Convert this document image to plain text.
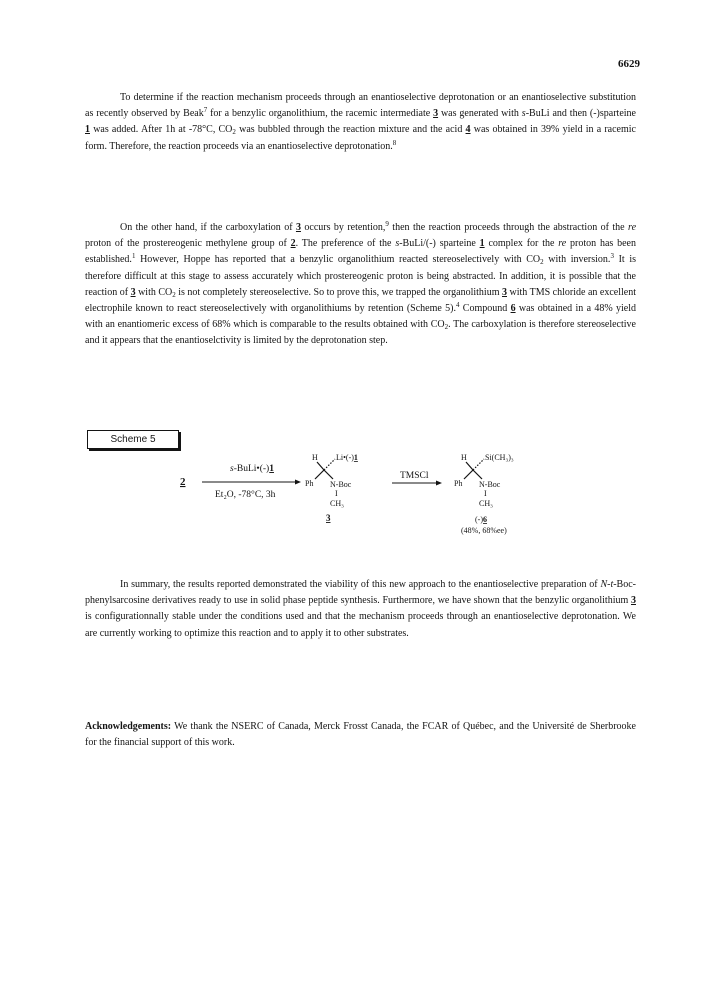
6629

To determine if the reaction mechanism proceeds through an enantioselective deprotonation or an enantioselective substitution as recently observed by Beak$^7$ for a benzylic organolithium, the racemic intermediate 3 was generated with s-BuLi and then (-)sparteine 1 was added. After 1h at -78°C, $CO_2$ was bubbled through the reaction mixture and the acid 4 was obtained in 39% yield in a racemic form. Therefore, the reaction proceeds via an enantioselective deprotonation.$^8$

On the other hand, if the carboxylation of 3 occurs by retention,$^9$ then the reaction proceeds through the abstraction of the re proton of the prostereogenic methylene group of 2. The preference of the s-BuLi/(-) sparteine 1 complex for the re proton has been established.$^1$ However, Hoppe has reported that a benzylic organolithium reacted stereoselectively with $CO_2$ with inversion.$^3$ It is therefore difficult at this stage to assess accurately which prostereogenic proton is being abstracted. In addition, it is possible that the reaction of 3 with $CO_2$ is not completely stereoselective. So to prove this, we trapped the organolithium 3 with TMS chloride an excellent electrophile known to react stereoselectively with organolithiums by retention (Scheme 5).$^4$ Compound 6 was obtained in a 48% yield with an enantiomeric excess of 68% which is comparable to the results obtained with $CO_2$. The carboxylation is therefore stereoselective and it appears that the enantioselctivity is limited by the deprotonation step.

Scheme 5
2
s-BuLi•(-)1
Et₂O, -78°C, 3h
H Li•(-)1
Ph N-Boc
I
CH₃
3
TMSCl
H Si(CH₃)₃
Ph N-Boc
I
CH₃
(-)6
(48%, 68%ee)

In summary, the results reported demonstrated the viability of this new approach to the enantioselective preparation of N-t-Boc-phenylsarcosine derivatives ready to use in solid phase peptide synthesis. Furthermore, we have shown that the benzylic organolithium 3 is configurationnally stable under the conditions used and that the mechanism proceeds through an enantioselective deprotonation. We are currently working to optimize this reaction and to apply it to other substrates.

Acknowledgements: We thank the NSERC of Canada, Merck Frosst Canada, the FCAR of Québec, and the Université de Sherbrooke for the financial support of this work.
